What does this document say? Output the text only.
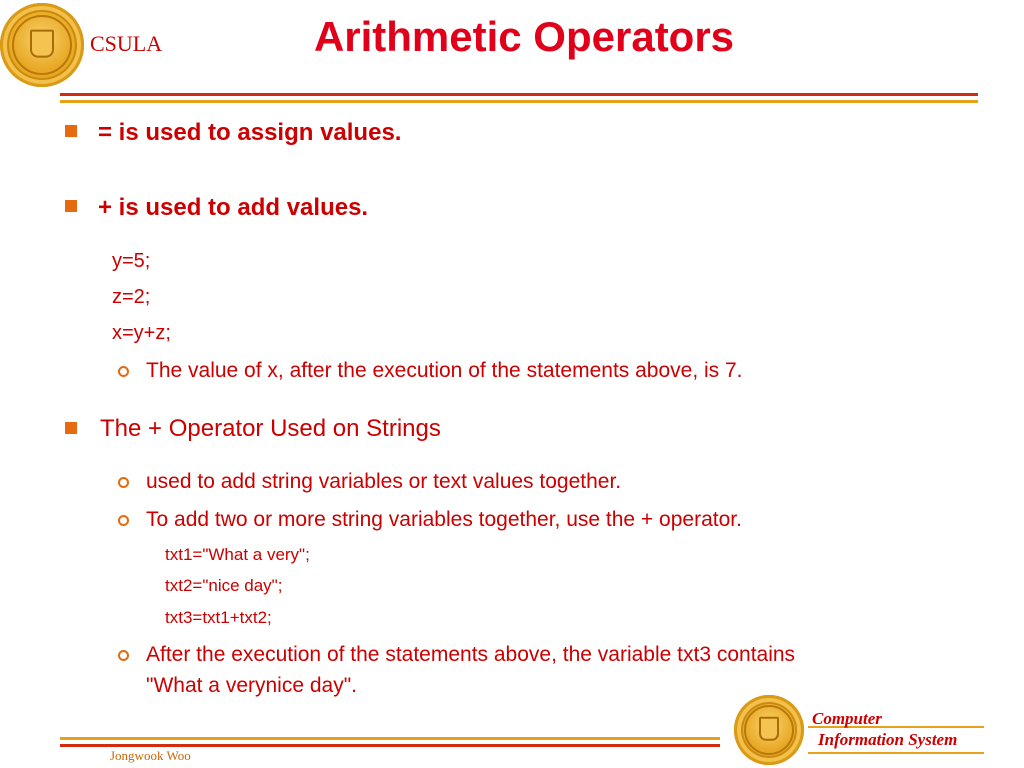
CSULA	Arithmetic Operators
= is used to assign values.
+ is used to add values.
y=5;
z=2;
x=y+z;
The value of x, after the execution of the statements above, is 7.
The + Operator Used on Strings
used to add string variables or text values together.
To add two or more string variables together, use the + operator.
txt1="What a very";
txt2="nice day";
txt3=txt1+txt2;
After the execution of the statements above, the variable txt3 contains
"What a verynice day".
Jongwook Woo
Computer
Information System
